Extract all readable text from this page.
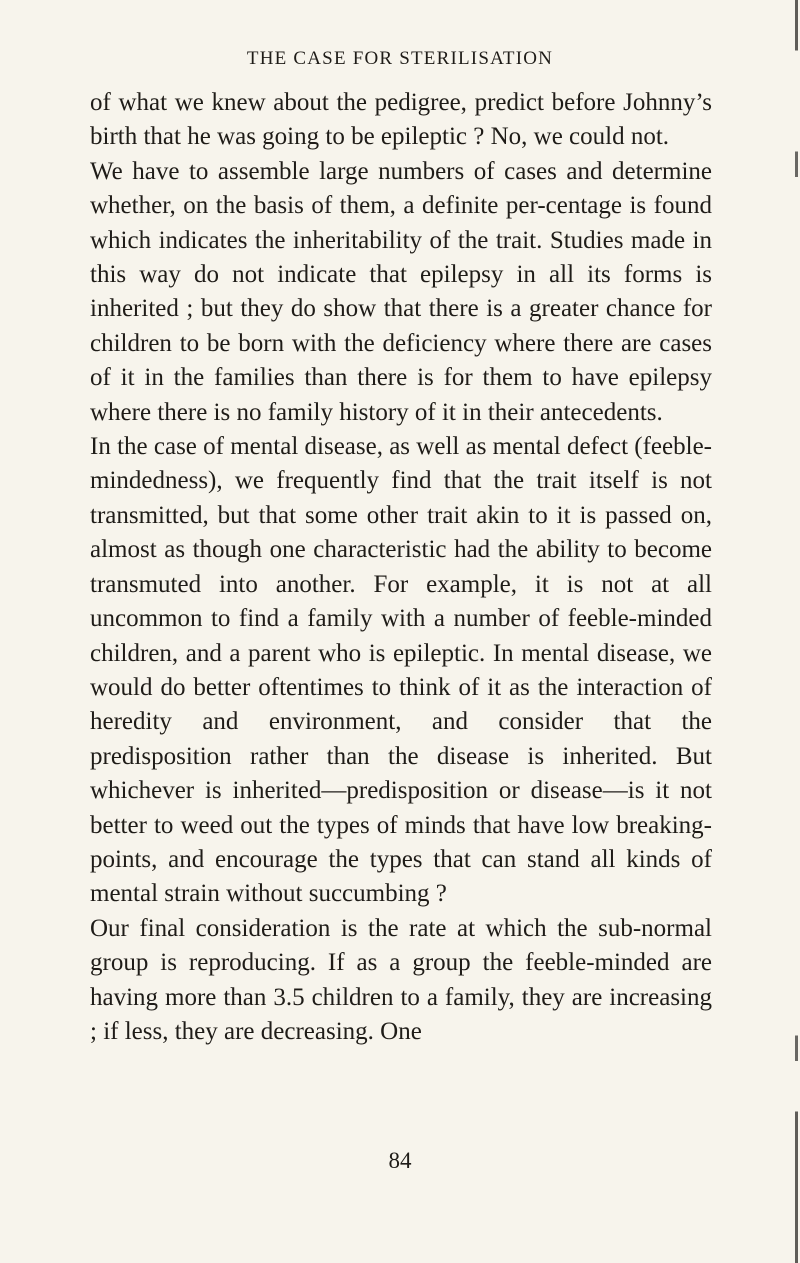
THE CASE FOR STERILISATION

of what we knew about the pedigree, predict before Johnny’s birth that he was going to be epileptic ? No, we could not.

We have to assemble large numbers of cases and determine whether, on the basis of them, a definite per-centage is found which indicates the inheritability of the trait. Studies made in this way do not indicate that epilepsy in all its forms is inherited ; but they do show that there is a greater chance for children to be born with the deficiency where there are cases of it in the families than there is for them to have epilepsy where there is no family history of it in their antecedents.

In the case of mental disease, as well as mental defect (feeble-mindedness), we frequently find that the trait itself is not transmitted, but that some other trait akin to it is passed on, almost as though one characteristic had the ability to become transmuted into another. For example, it is not at all uncommon to find a family with a number of feeble-minded children, and a parent who is epileptic. In mental disease, we would do better oftentimes to think of it as the interaction of heredity and environment, and consider that the predisposition rather than the disease is inherited. But whichever is inherited—predisposition or disease—is it not better to weed out the types of minds that have low breaking-points, and encourage the types that can stand all kinds of mental strain without succumbing ?

Our final consideration is the rate at which the sub-normal group is reproducing. If as a group the feeble-minded are having more than 3.5 children to a family, they are increasing ; if less, they are decreasing. One

84
